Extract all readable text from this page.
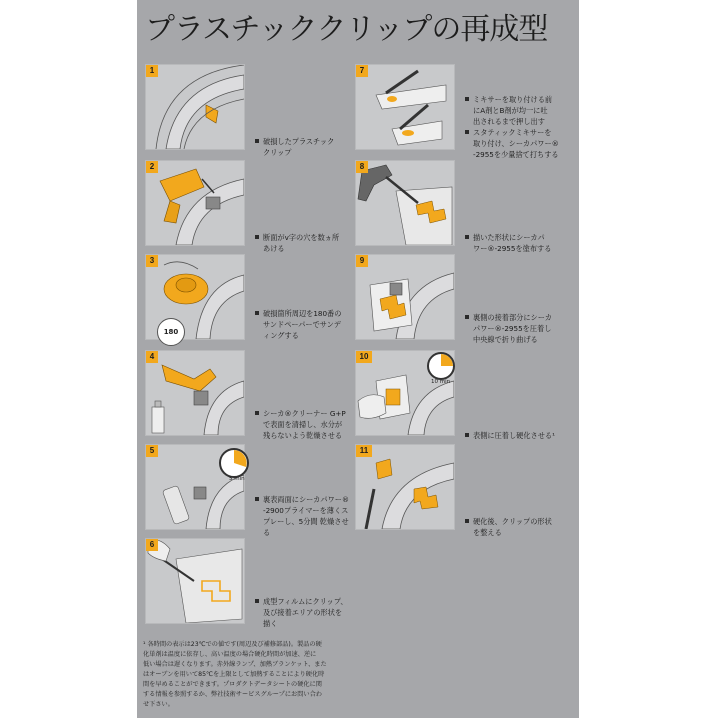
プラスチッククリップの再成型
1
破損したプラスチック
クリップ
2
断面がv字の穴を数ヵ所
あける
3
180
破損箇所周辺を180番の
サンドペーパーでサンデ
ィングする
4
シーカ®クリーナー G+P
で表面を清掃し、水分が
残らないよう乾燥させる
5
5 min
裏表両面にシーカパワー®
-2900プライマーを薄くス
プレーし、5分間 乾燥させ
る
6
成型フィルムにクリップ、
及び接着エリアの形状を
描く
7
ミキサーを取り付ける前
にA剤とB剤が均一に吐
出されるまで押し出す
スタティックミキサーを
取り付け、シーカパワー®
-2955を少量捨て打ちする
8
描いた形状にシーカパ
ワー®-2955を塗布する
9
裏側の接着部分にシーカ
パワー®-2955を圧着し
中央線で折り曲げる
10
10 min
表側に圧着し硬化させる¹
11
硬化後、クリップの形状
を整える
¹ 各時間の表示は23℃での値です(周辺及び補修部品)。製品の硬
化単剤は温度に依存し、高い温度の場合硬化時間が加速、逆に
低い場合は遅くなります。赤外線ランプ、加熱ブランケット、また
はオーブンを用いて85℃を上限として加熱することにより硬化時
間を早めることができます。プロダクトデータシートの硬化に関
する情報を参照するか、弊社技術サービスグループにお問い合わ
せ下さい。
